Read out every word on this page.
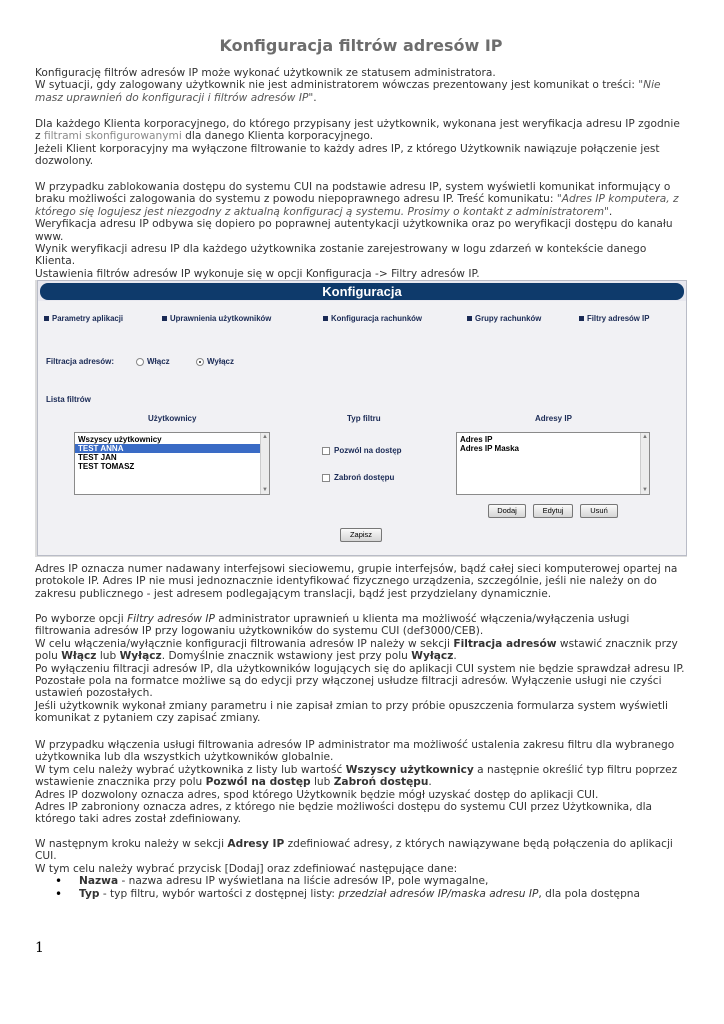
Konfiguracja filtrów adresów IP

Konfigurację filtrów adresów IP może wykonać użytkownik ze statusem administratora.

W sytuacji, gdy zalogowany użytkownik nie jest administratorem wówczas prezentowany jest komunikat o treści: "Nie masz uprawnień do konfiguracji i filtrów adresów IP".

Dla każdego Klienta korporacyjnego, do którego przypisany jest użytkownik, wykonana jest weryfikacja adresu IP zgodnie z filtrami skonfigurowanymi dla danego Klienta korporacyjnego.

Jeżeli Klient korporacyjny ma wyłączone filtrowanie to każdy adres IP, z którego Użytkownik nawiązuje połączenie jest dozwolony.

W przypadku zablokowania dostępu do systemu CUI na podstawie adresu IP, system wyświetli komunikat informujący o braku możliwości zalogowania do systemu z powodu niepoprawnego adresu IP. Treść komunikatu: "Adres IP komputera, z którego się logujesz jest niezgodny z aktualną konfiguracj ą systemu. Prosimy o kontakt z administratorem".

Weryfikacja adresu IP odbywa się dopiero po poprawnej autentykacji użytkownika oraz po weryfikacji dostępu do kanału www.

Wynik weryfikacji adresu IP dla każdego użytkownika zostanie zarejestrowany w logu zdarzeń w kontekście danego Klienta.

Ustawienia filtrów adresów IP wykonuje się w opcji Konfiguracja -> Filtry adresów IP.
Konfiguracja
Parametry aplikacji	Uprawnienia użytkowników	Konfiguracja rachunków	Grupy rachunków	Filtry adresów IP
Filtracja adresów:	Włącz	Wyłącz
Lista filtrów
Użytkownicy	Typ filtru	Adresy IP
Wszyscy użytkownicy
TEST ANNA
TEST JAN
TEST TOMASZ
▲
▼
Pozwól na dostęp
Zabroń dostępu
Adres IP
Adres IP Maska
▲
▼
Dodaj	Edytuj	Usuń
Zapisz
Adres IP oznacza numer nadawany interfejsowi sieciowemu, grupie interfejsów, bądź całej sieci komputerowej opartej na protokole IP. Adres IP nie musi jednoznacznie identyfikować fizycznego urządzenia, szczególnie, jeśli nie należy on do zakresu publicznego - jest adresem podlegającym translacji, bądź jest przydzielany dynamicznie.

Po wyborze opcji Filtry adresów IP administrator uprawnień u klienta ma możliwość włączenia/wyłączenia usługi filtrowania adresów IP przy logowaniu użytkowników do systemu CUI (def3000/CEB).

W celu włączenia/wyłącznie konfiguracji filtrowania adresów IP należy w sekcji Filtracja adresów wstawić znacznik przy polu Włącz lub Wyłącz. Domyślnie znacznik wstawiony jest przy polu Wyłącz.

Po wyłączeniu filtracji adresów IP, dla użytkowników logujących się do aplikacji CUI system nie będzie sprawdzał adresu IP. Pozostałe pola na formatce możliwe są do edycji przy włączonej usłudze filtracji adresów. Wyłączenie usługi nie czyści ustawień pozostałych.

Jeśli użytkownik wykonał zmiany parametru i nie zapisał zmian to przy próbie opuszczenia formularza system wyświetli komunikat z pytaniem czy zapisać zmiany.

W przypadku włączenia usługi filtrowania adresów IP administrator ma możliwość ustalenia zakresu filtru dla wybranego użytkownika lub dla wszystkich użytkowników globalnie.

W tym celu należy wybrać użytkownika z listy lub wartość Wszyscy użytkownicy a następnie określić typ filtru poprzez wstawienie znacznika przy polu Pozwól na dostęp lub Zabroń dostępu.

Adres IP dozwolony oznacza adres, spod którego Użytkownik będzie mógł uzyskać dostęp do aplikacji CUI.

Adres IP zabroniony oznacza adres, z którego nie będzie możliwości dostępu do systemu CUI przez Użytkownika, dla którego taki adres został zdefiniowany.

W następnym kroku należy w sekcji Adresy IP zdefiniować adresy, z których nawiązywane będą połączenia do aplikacji CUI.

W tym celu należy wybrać przycisk [Dodaj] oraz zdefiniować następujące dane:

• Nazwa - nazwa adresu IP wyświetlana na liście adresów IP, pole wymagalne,
• Typ - typ filtru, wybór wartości z dostępnej listy: przedział adresów IP/maska adresu IP, dla pola dostępna
1
